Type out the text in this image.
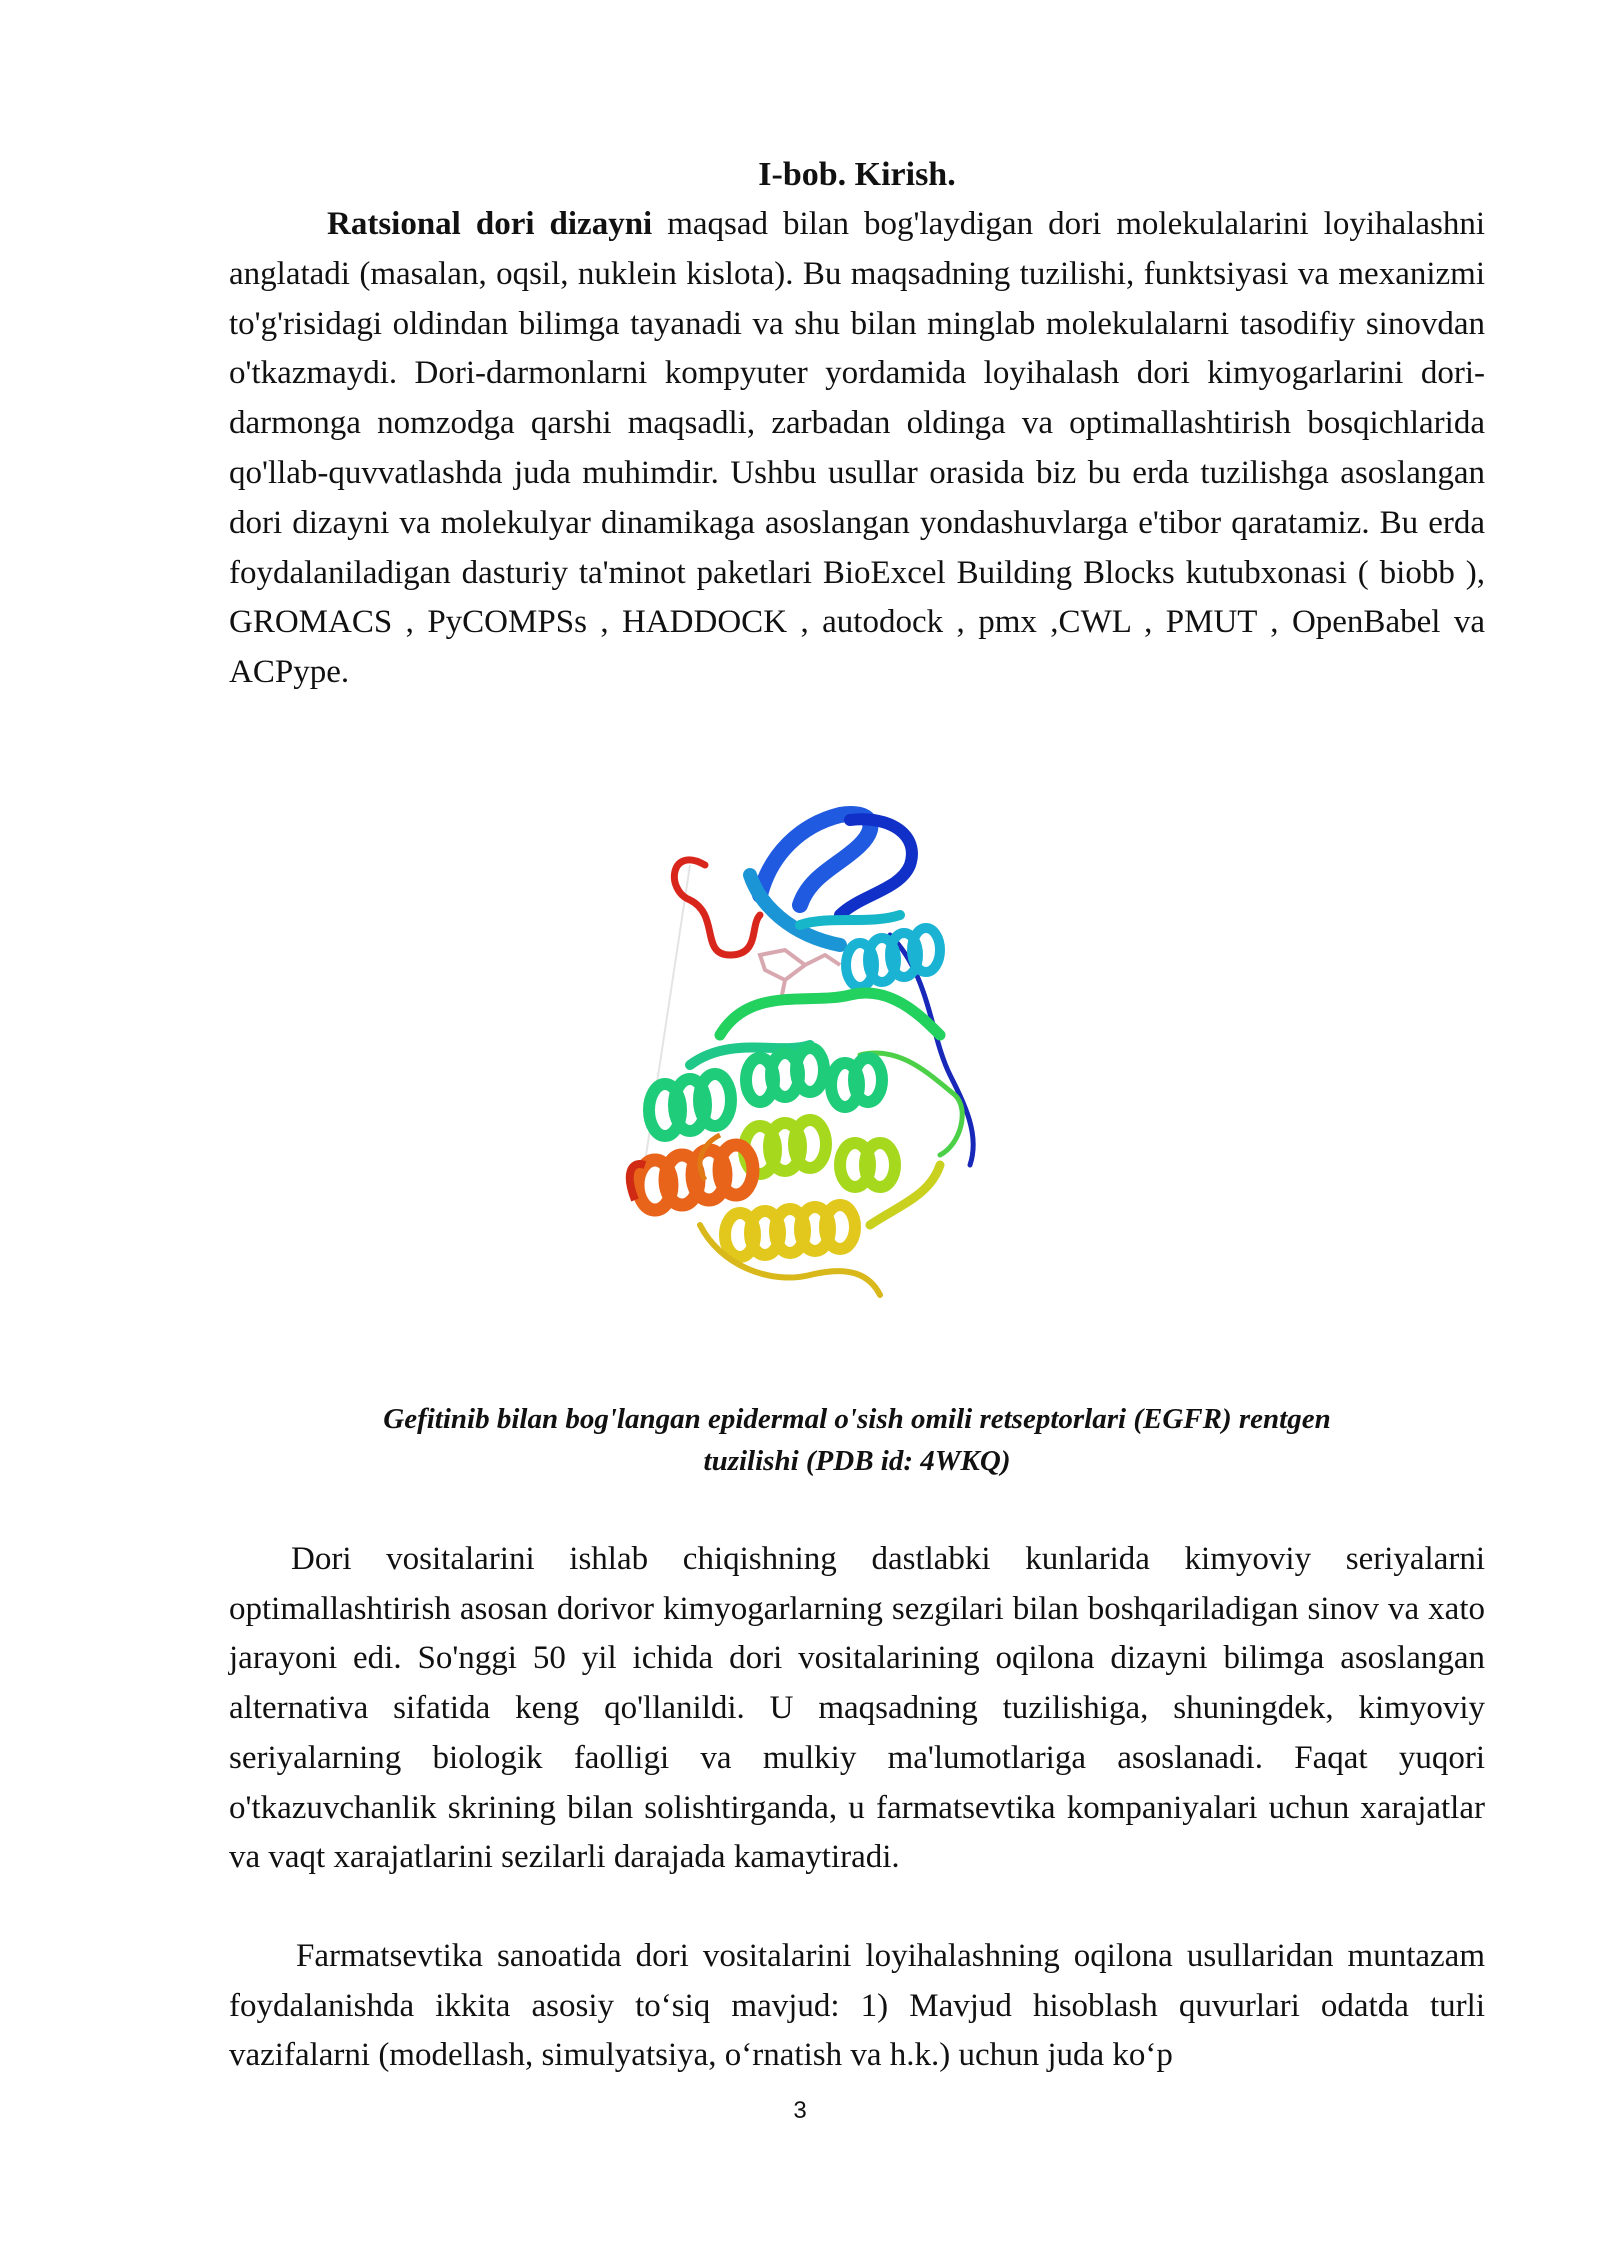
I-bob. Kirish.
Ratsional dori dizayni maqsad bilan bog'laydigan dori molekulalarini loyihalashni anglatadi (masalan, oqsil, nuklein kislota). Bu maqsadning tuzilishi, funktsiyasi va mexanizmi to'g'risidagi oldindan bilimga tayanadi va shu bilan minglab molekulalarni tasodifiy sinovdan o'tkazmaydi. Dori-darmonlarni kompyuter yordamida loyihalash dori kimyogarlarini dori-darmonga nomzodga qarshi maqsadli, zarbadan oldinga va optimallashtirish bosqichlarida qo'llab-quvvatlashda juda muhimdir. Ushbu usullar orasida biz bu erda tuzilishga asoslangan dori dizayni va molekulyar dinamikaga asoslangan yondashuvlarga e'tibor qaratamiz. Bu erda foydalaniladigan dasturiy ta'minot paketlari BioExcel Building Blocks kutubxonasi ( biobb ), GROMACS , PyCOMPSs , HADDOCK , autodock , pmx ,CWL , PMUT , OpenBabel va ACPype.
Gefitinib bilan bog'langan epidermal o'sish omili retseptorlari (EGFR) rentgen
tuzilishi (PDB id: 4WKQ)
Dori vositalarini ishlab chiqishning dastlabki kunlarida kimyoviy seriyalarni optimallashtirish asosan dorivor kimyogarlarning sezgilari bilan boshqariladigan sinov va xato jarayoni edi. So'nggi 50 yil ichida dori vositalarining oqilona dizayni bilimga asoslangan alternativa sifatida keng qo'llanildi. U maqsadning tuzilishiga, shuningdek, kimyoviy seriyalarning biologik faolligi va mulkiy ma'lumotlariga asoslanadi. Faqat yuqori o'tkazuvchanlik skrining bilan solishtirganda, u farmatsevtika kompaniyalari uchun xarajatlar va vaqt xarajatlarini sezilarli darajada kamaytiradi.
Farmatsevtika sanoatida dori vositalarini loyihalashning oqilona usullaridan muntazam foydalanishda ikkita asosiy to‘siq mavjud: 1) Mavjud hisoblash quvurlari odatda turli vazifalarni (modellash, simulyatsiya, o‘rnatish va h.k.) uchun juda ko‘p
3
